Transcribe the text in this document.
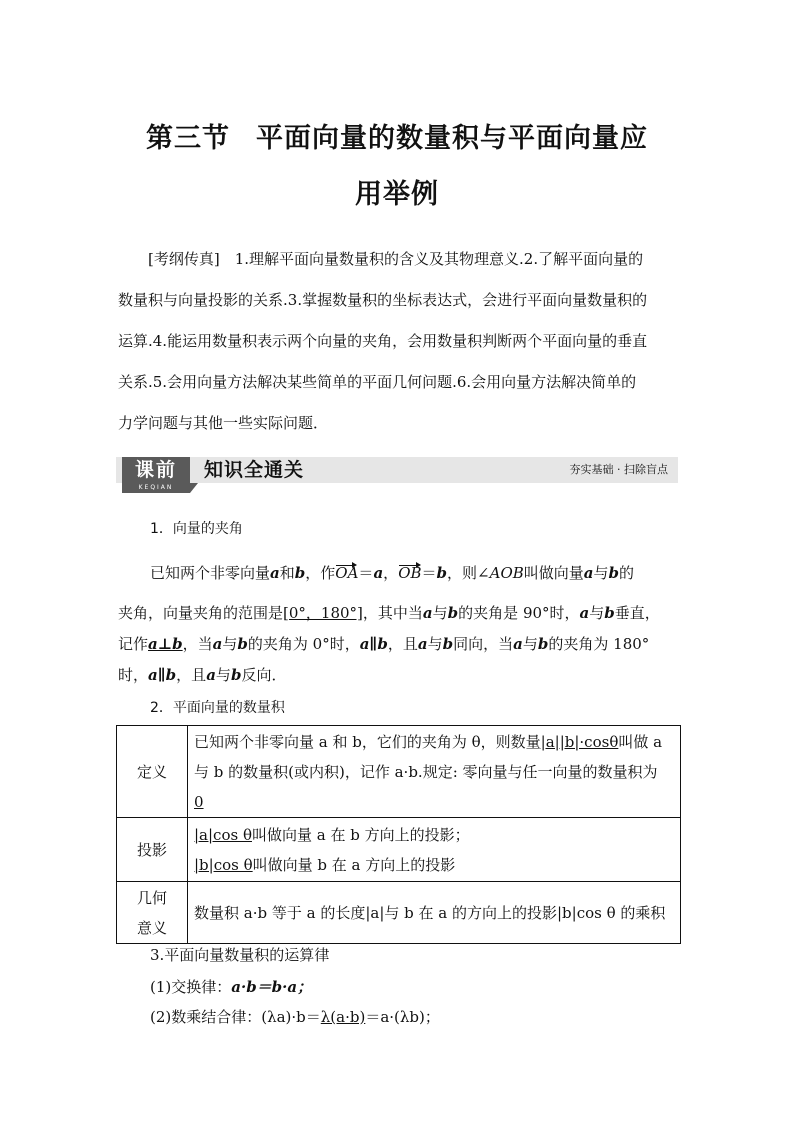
第三节 平面向量的数量积与平面向量应
用举例
[考纲传真]　1.理解平面向量数量积的含义及其物理意义.2.了解平面向量的
数量积与向量投影的关系.3.掌握数量积的坐标表达式，会进行平面向量数量积的
运算.4.能运用数量积表示两个向量的夹角，会用数量积判断两个平面向量的垂直
关系.5.会用向量方法解决某些简单的平面几何问题.6.会用向量方法解决简单的
力学问题与其他一些实际问题．
课前
KEQIAN
知识全通关	夯实基础 · 扫除盲点
1．向量的夹角
已知两个非零向量a和b，作OA＝a，OB＝b，则∠AOB叫做向量a与b的
夹角，向量夹角的范围是[0°，180°]，其中当a与b的夹角是 90°时，a与b垂直，
记作a⊥b，当a与b的夹角为 0°时，a∥b，且a与b同向，当a与b的夹角为 180°
时，a∥b，且a与b反向．
2．平面向量的数量积
定义	已知两个非零向量 a 和 b，它们的夹角为 θ，则数量|a||b|·cosθ叫做 a
与 b 的数量积(或内积)，记作 a·b.规定: 零向量与任一向量的数量积为
0

投影	|a|cos θ叫做向量 a 在 b 方向上的投影；
|b|cos θ叫做向量 b 在 a 方向上的投影

几何
意义	数量积 a·b 等于 a 的长度|a|与 b 在 a 的方向上的投影|b|cos θ 的乘积
3.平面向量数量积的运算律
(1)交换律：a·b＝b·a；
(2)数乘结合律：(λa)·b＝λ(a·b)＝a·(λb)；
